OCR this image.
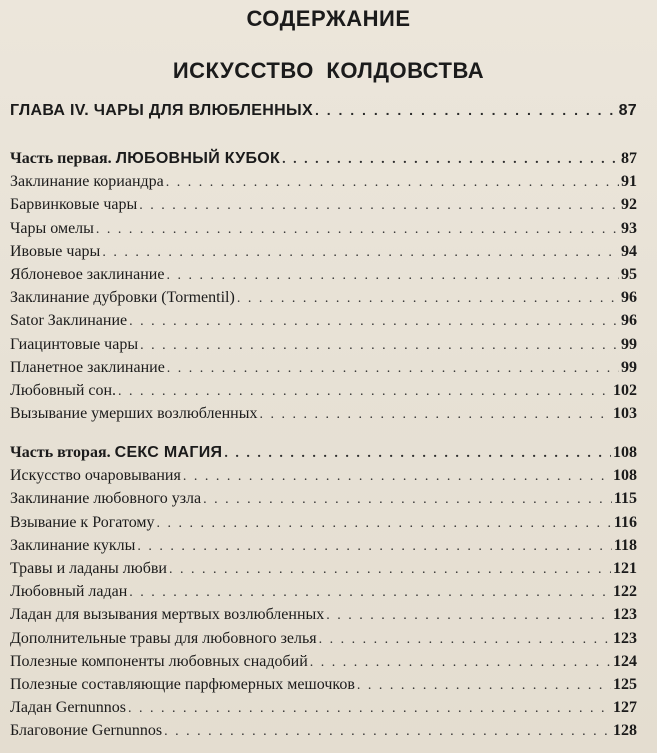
СОДЕРЖАНИЕ
ИСКУССТВО КОЛДОВСТВА
ГЛАВА IV. ЧАРЫ ДЛЯ ВЛЮБЛЕННЫХ . . .	87
Часть первая. ЛЮБОВНЫЙ КУБОК . . .	87
Заклинание кориандра . . .	91
Барвинковые чары . . .	92
Чары омелы . . .	93
Ивовые чары . . .	94
Яблоневое заклинание . . .	95
Заклинание дубровки (Tormentil) . . .	96
Sator Заклинание . . .	96
Гиацинтовые чары . . .	99
Планетное заклинание . . .	99
Любовный сон. . . .	102
Вызывание умерших возлюбленных . . .	103
Часть вторая. СЕКС МАГИЯ . . .	108
Искусство очаровывания . . .	108
Заклинание любовного узла . . .	115
Взывание к Рогатому . . .	116
Заклинание куклы . . .	118
Травы и ладаны любви . . .	121
Любовный ладан . . .	122
Ладан для вызывания мертвых возлюбленных . . .	123
Дополнительные травы для любовного зелья . . .	123
Полезные компоненты любовных снадобий . . .	124
Полезные составляющие парфюмерных мешочков . . .	125
Ладан Gernunnos . . .	127
Благовоние Gernunnos . . .	128
